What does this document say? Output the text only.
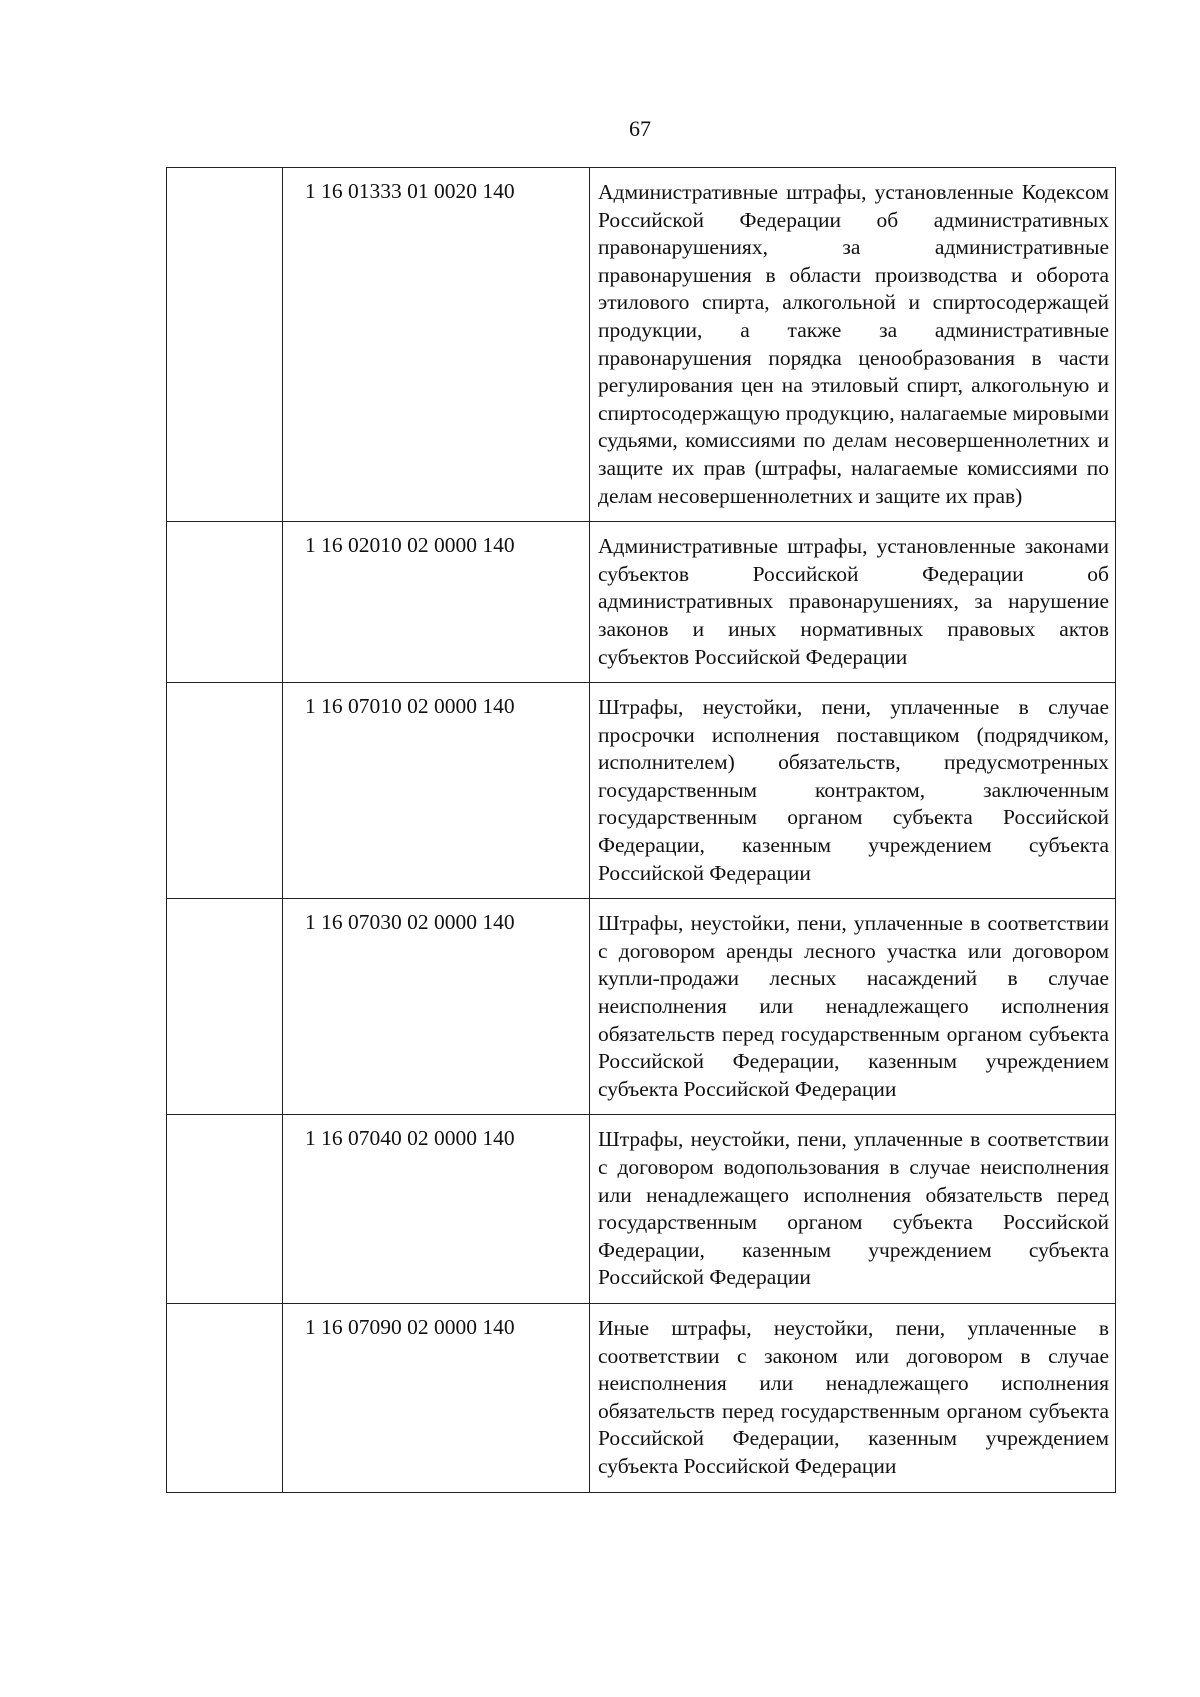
67
	1 16 01333 01 0020 140	Административные штрафы, установленные Кодексом Российской Федерации об административных правонарушениях, за административные правонарушения в области производства и оборота этилового спирта, алкогольной и спиртосодержащей продукции, а также за административные правонарушения порядка ценообразования в части регулирования цен на этиловый спирт, алкогольную и спиртосодержащую продукцию, налагаемые мировыми судьями, комиссиями по делам несовершеннолетних и защите их прав (штрафы, налагаемые комиссиями по делам несовершеннолетних и защите их прав)

	1 16 02010 02 0000 140	Административные штрафы, установленные законами субъектов Российской Федерации об административных правонарушениях, за нарушение законов и иных нормативных правовых актов субъектов Российской Федерации

	1 16 07010 02 0000 140	Штрафы, неустойки, пени, уплаченные в случае просрочки исполнения поставщиком (подрядчиком, исполнителем) обязательств, предусмотренных государственным контрактом, заключенным государственным органом субъекта Российской Федерации, казенным учреждением субъекта Российской Федерации

	1 16 07030 02 0000 140	Штрафы, неустойки, пени, уплаченные в соответствии с договором аренды лесного участка или договором купли-продажи лесных насаждений в случае неисполнения или ненадлежащего исполнения обязательств перед государственным органом субъекта Российской Федерации, казенным учреждением субъекта Российской Федерации

	1 16 07040 02 0000 140	Штрафы, неустойки, пени, уплаченные в соответствии с договором водопользования в случае неисполнения или ненадлежащего исполнения обязательств перед государственным органом субъекта Российской Федерации, казенным учреждением субъекта Российской Федерации

	1 16 07090 02 0000 140	Иные штрафы, неустойки, пени, уплаченные в соответствии с законом или договором в случае неисполнения или ненадлежащего исполнения обязательств перед государственным органом субъекта Российской Федерации, казенным учреждением субъекта Российской Федерации
